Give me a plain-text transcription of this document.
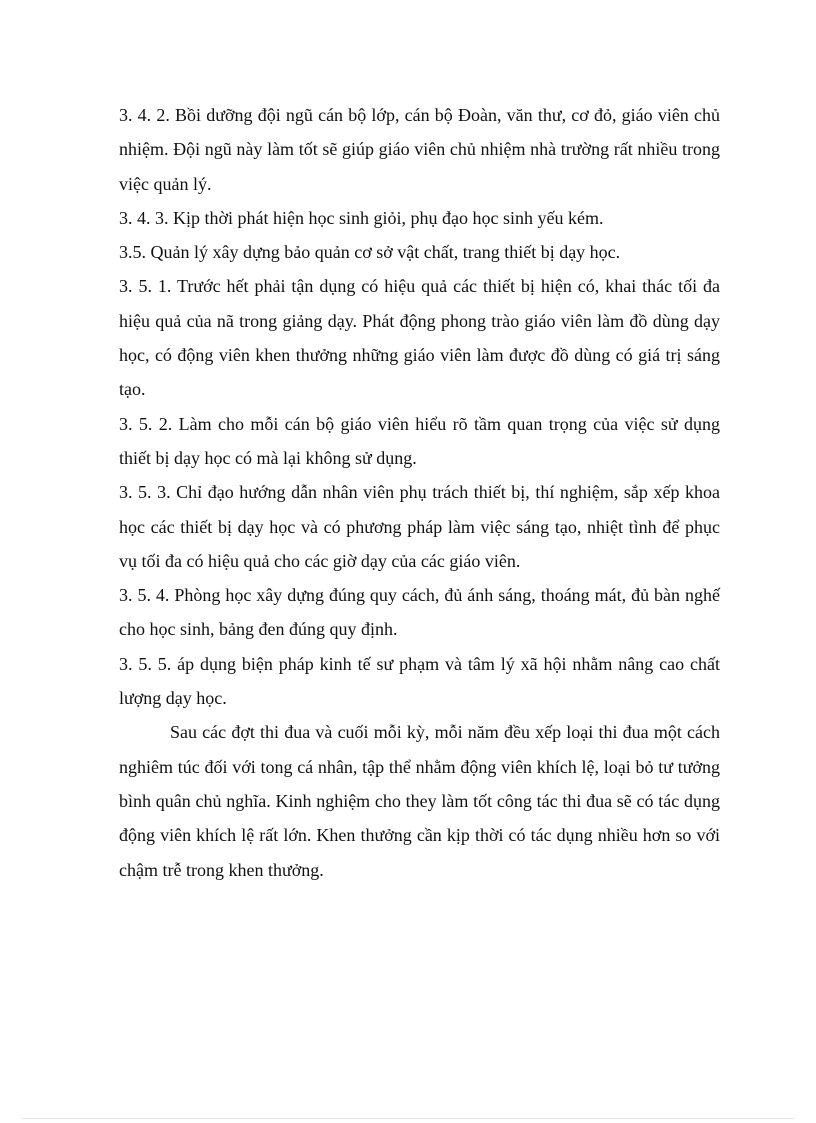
3. 4. 2. Bồi dưỡng đội ngũ cán bộ lớp, cán bộ Đoàn, văn thư, cơ đỏ, giáo viên chủ nhiệm. Đội ngũ này làm tốt sẽ giúp giáo viên chủ nhiệm nhà trường rất nhiều trong việc quản lý.

3. 4. 3. Kịp thời phát hiện học sinh giỏi, phụ đạo học sinh yếu kém.

3.5. Quản lý xây dựng bảo quản cơ sở vật chất, trang thiết bị dạy học.

3. 5. 1. Trước hết phải tận dụng có hiệu quả các thiết bị hiện có, khai thác tối đa hiệu quả của nã trong giảng dạy. Phát động phong trào giáo viên làm đồ dùng dạy học, có động viên khen thưởng những giáo viên làm được đồ dùng có giá trị sáng tạo.

3. 5. 2. Làm cho mỗi cán bộ giáo viên hiểu rõ tầm quan trọng của việc sử dụng thiết bị dạy học có mà lại không sử dụng.

3. 5. 3. Chỉ đạo hướng dẫn nhân viên phụ trách thiết bị, thí nghiệm, sắp xếp khoa học các thiết bị dạy học và có phương pháp làm việc sáng tạo, nhiệt tình để phục vụ tối đa có hiệu quả cho các giờ dạy của các giáo viên.

3. 5. 4. Phòng học xây dựng đúng quy cách, đủ ánh sáng, thoáng mát, đủ bàn nghế cho học sinh, bảng đen đúng quy định.

3. 5. 5. áp dụng biện pháp kinh tế sư phạm và tâm lý xã hội nhằm nâng cao chất lượng dạy học.

Sau các đợt thi đua và cuối mỗi kỳ, mỗi năm đều xếp loại thi đua một cách nghiêm túc đối với tong cá nhân, tập thể nhằm động viên khích lệ, loại bỏ tư tưởng bình quân chủ nghĩa. Kinh nghiệm cho they làm tốt công tác thi đua sẽ có tác dụng động viên khích lệ rất lớn. Khen thưởng cần kịp thời có tác dụng nhiều hơn so với chậm trễ trong khen thưởng.
